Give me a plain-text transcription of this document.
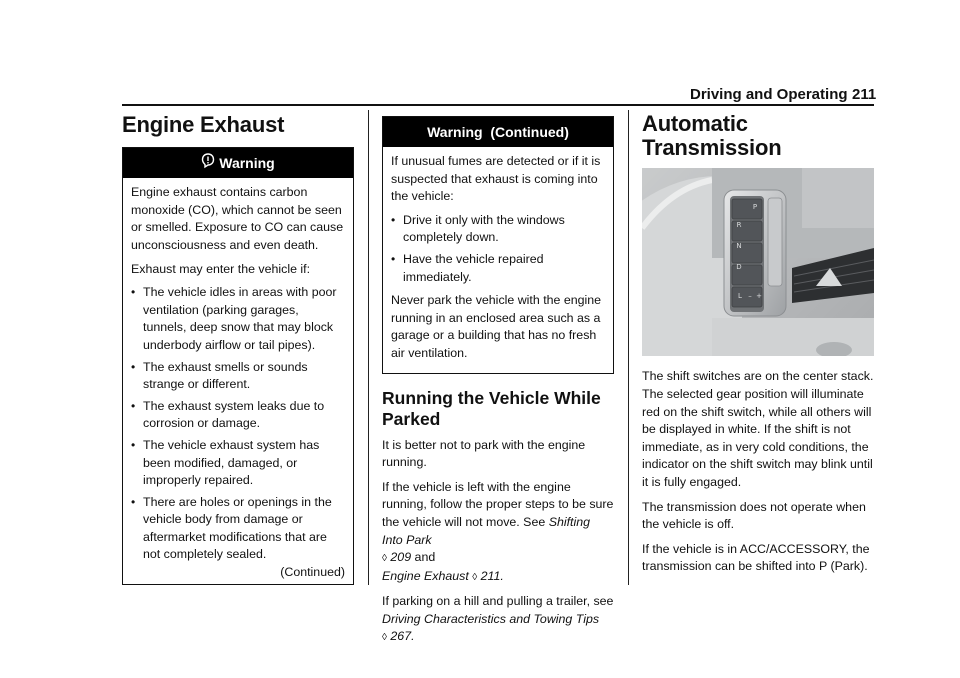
Driving and Operating 211
Engine Exhaust
Warning

Engine exhaust contains carbon monoxide (CO), which cannot be seen or smelled. Exposure to CO can cause unconsciousness and even death.

Exhaust may enter the vehicle if:

• The vehicle idles in areas with poor ventilation (parking garages, tunnels, deep snow that may block underbody airflow or tail pipes).
• The exhaust smells or sounds strange or different.
• The exhaust system leaks due to corrosion or damage.
• The vehicle exhaust system has been modified, damaged, or improperly repaired.
• There are holes or openings in the vehicle body from damage or aftermarket modifications that are not completely sealed.
(Continued)
Warning  (Continued)

If unusual fumes are detected or if it is suspected that exhaust is coming into the vehicle:

• Drive it only with the windows completely down.
• Have the vehicle repaired immediately.

Never park the vehicle with the engine running in an enclosed area such as a garage or a building that has no fresh air ventilation.

Running the Vehicle While Parked

It is better not to park with the engine running.

If the vehicle is left with the engine running, follow the proper steps to be sure the vehicle will not move. See Shifting Into Park
◊ 209 and
Engine Exhaust ◊ 211.

If parking on a hill and pulling a trailer, see Driving Characteristics and Towing Tips
◊ 267.

Automatic Transmission
P
R
N
D
L – +

The shift switches are on the center stack. The selected gear position will illuminate red on the shift switch, while all others will be displayed in white. If the shift is not immediate, as in very cold conditions, the indicator on the shift switch may blink until it is fully engaged.

The transmission does not operate when the vehicle is off.

If the vehicle is in ACC/ACCESSORY, the transmission can be shifted into P (Park).
